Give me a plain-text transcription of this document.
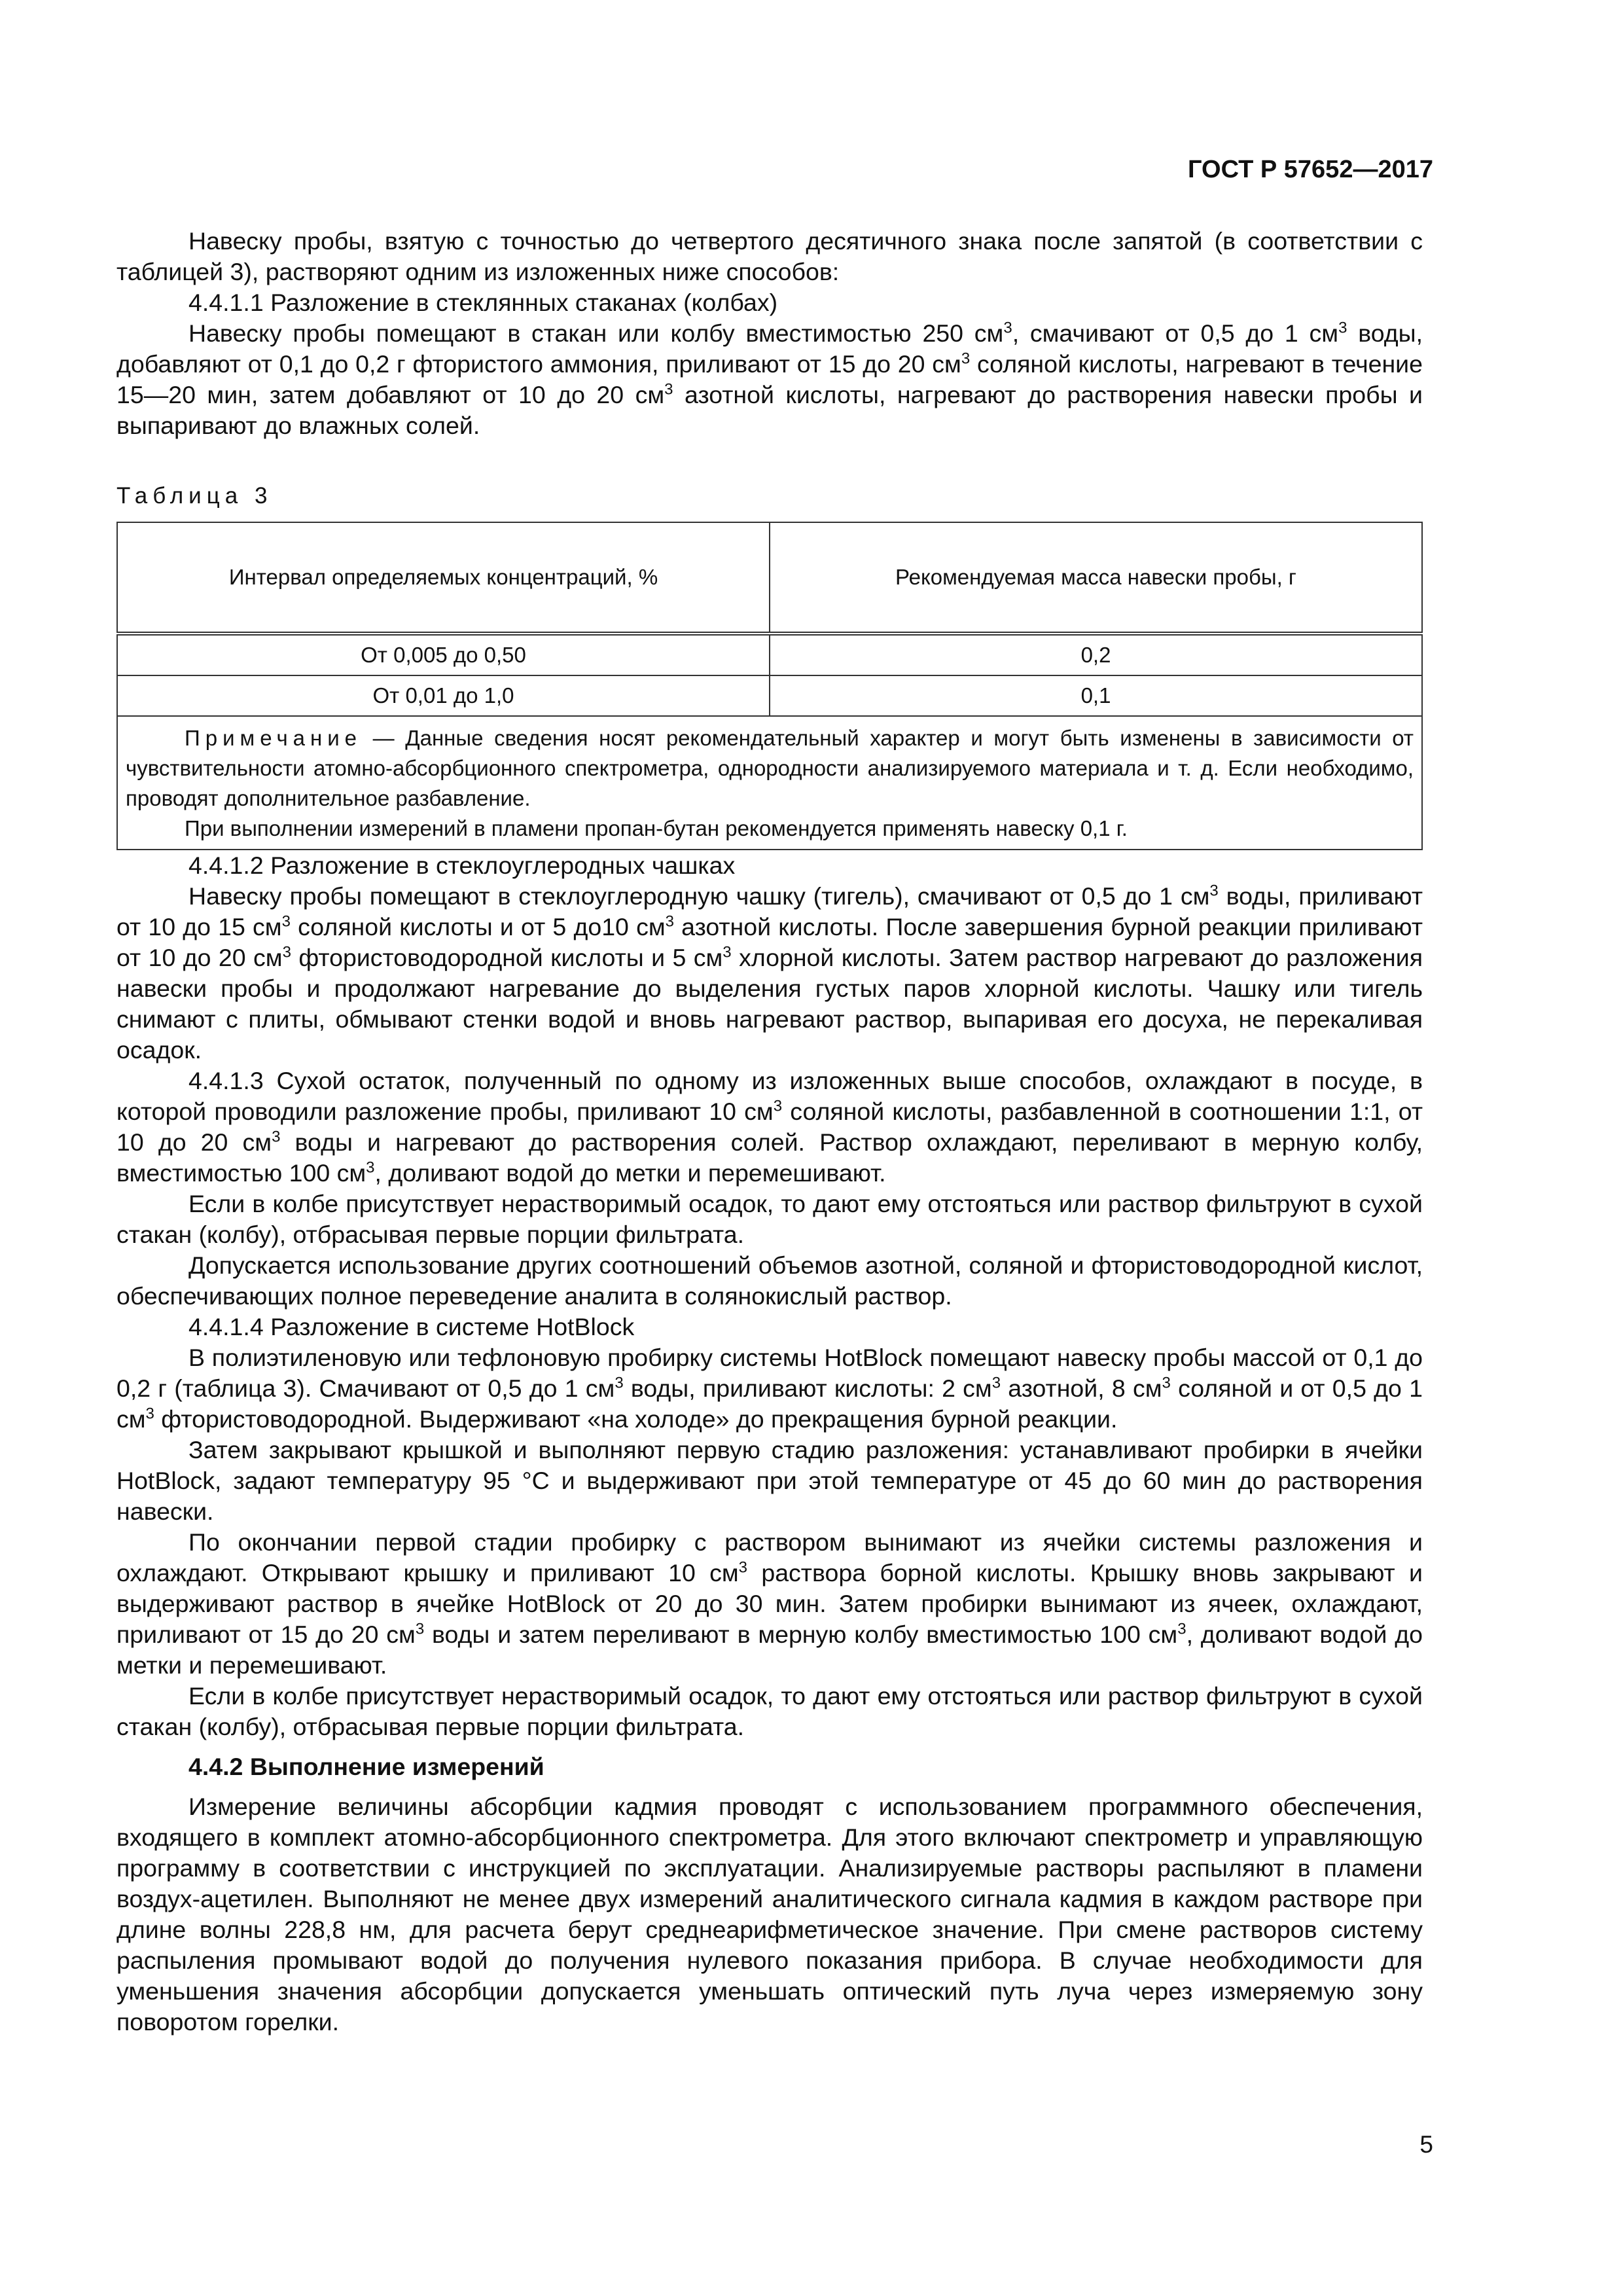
ГОСТ Р 57652—2017

Навеску пробы, взятую с точностью до четвертого десятичного знака после запятой (в соответствии с таблицей 3), растворяют одним из изложенных ниже способов:

4.4.1.1 Разложение в стеклянных стаканах (колбах)

Навеску пробы помещают в стакан или колбу вместимостью 250 $см^3$, смачивают от 0,5 до 1 $см^3$ воды, добавляют от 0,1 до 0,2 г фтористого аммония, приливают от 15 до 20 $см^3$ соляной кислоты, нагревают в течение 15—20 мин, затем добавляют от 10 до 20 $см^3$ азотной кислоты, нагревают до растворения навески пробы и выпаривают до влажных солей.

Таблица 3
Интервал определяемых концентраций, %	Рекомендуемая масса навески пробы, г
От 0,005 до 0,50	0,2
От 0,01 до 1,0	0,1

Примечание — Данные сведения носят рекомендательный характер и могут быть изменены в зависимости от чувствительности атомно-абсорбционного спектрометра, однородности анализируемого материала и т. д. Если необходимо, проводят дополнительное разбавление.

При выполнении измерений в пламени пропан-бутан рекомендуется применять навеску 0,1 г.	

4.4.1.2 Разложение в стеклоуглеродных чашках

Навеску пробы помещают в стеклоуглеродную чашку (тигель), смачивают от 0,5 до 1 $см^3$ воды, приливают от 10 до 15 $см^3$ соляной кислоты и от 5 до10 $см^3$ азотной кислоты. После завершения бурной реакции приливают от 10 до 20 $см^3$ фтористоводородной кислоты и 5 $см^3$ хлорной кислоты. Затем раствор нагревают до разложения навески пробы и продолжают нагревание до выделения густых паров хлорной кислоты. Чашку или тигель снимают с плиты, обмывают стенки водой и вновь нагревают раствор, выпаривая его досуха, не перекаливая осадок.

4.4.1.3 Сухой остаток, полученный по одному из изложенных выше способов, охлаждают в посуде, в которой проводили разложение пробы, приливают 10 $см^3$ соляной кислоты, разбавленной в соотношении 1:1, от 10 до 20 $см^3$ воды и нагревают до растворения солей. Раствор охлаждают, переливают в мерную колбу, вместимостью 100 $см^3$, доливают водой до метки и перемешивают.

Если в колбе присутствует нерастворимый осадок, то дают ему отстояться или раствор фильтруют в сухой стакан (колбу), отбрасывая первые порции фильтрата.

Допускается использование других соотношений объемов азотной, соляной и фтористоводородной кислот, обеспечивающих полное переведение аналита в солянокислый раствор.

4.4.1.4 Разложение в системе HotBlock

В полиэтиленовую или тефлоновую пробирку системы HotBlock помещают навеску пробы массой от 0,1 до 0,2 г (таблица 3). Смачивают от 0,5 до 1 $см^3$ воды, приливают кислоты: 2 $см^3$ азотной, 8 $см^3$ соляной и от 0,5 до 1 $см^3$ фтористоводородной. Выдерживают «на холоде» до прекращения бурной реакции.

Затем закрывают крышкой и выполняют первую стадию разложения: устанавливают пробирки в ячейки HotBlock, задают температуру 95 °С и выдерживают при этой температуре от 45 до 60 мин до растворения навески.

По окончании первой стадии пробирку с раствором вынимают из ячейки системы разложения и охлаждают. Открывают крышку и приливают 10 $см^3$ раствора борной кислоты. Крышку вновь закрывают и выдерживают раствор в ячейке HotBlock от 20 до 30 мин. Затем пробирки вынимают из ячеек, охлаждают, приливают от 15 до 20 $см^3$ воды и затем переливают в мерную колбу вместимостью 100 $см^3$, доливают водой до метки и перемешивают.

Если в колбе присутствует нерастворимый осадок, то дают ему отстояться или раствор фильтруют в сухой стакан (колбу), отбрасывая первые порции фильтрата.

4.4.2 Выполнение измерений

Измерение величины абсорбции кадмия проводят с использованием программного обеспечения, входящего в комплект атомно-абсорбционного спектрометра. Для этого включают спектрометр и управляющую программу в соответствии с инструкцией по эксплуатации. Анализируемые растворы распыляют в пламени воздух-ацетилен. Выполняют не менее двух измерений аналитического сигнала кадмия в каждом растворе при длине волны 228,8 нм, для расчета берут среднеарифметическое значение. При смене растворов систему распыления промывают водой до получения нулевого показания прибора. В случае необходимости для уменьшения значения абсорбции допускается уменьшать оптический путь луча через измеряемую зону поворотом горелки.

5
